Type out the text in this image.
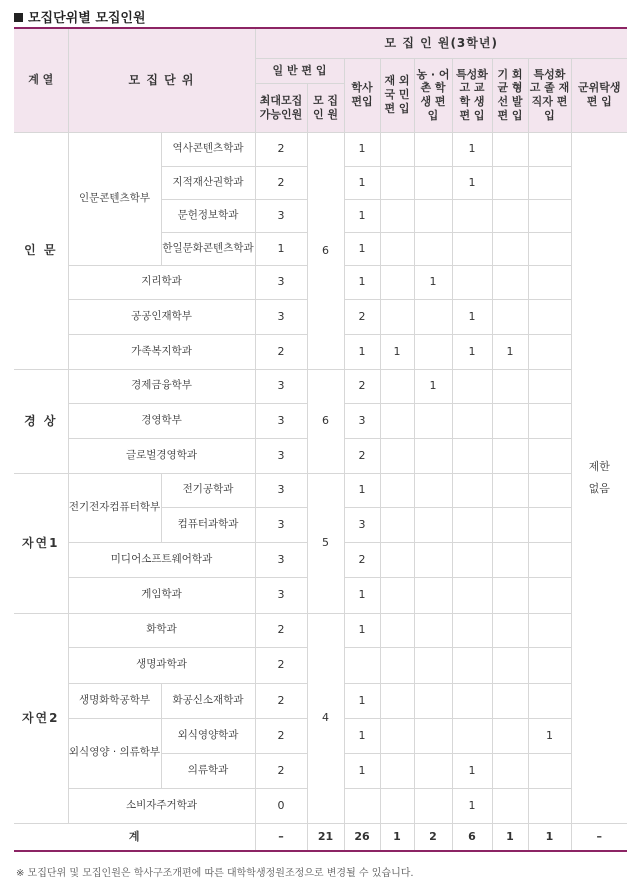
모집단위별 모집인원
계 열	모 집 단 위		모 집 인 원(3학년)								
			일 반 편 입		학사 편입	재 외 국 민 편 입	농 · 어 촌 학 생 편 입	특성화 고 교 학 생 편 입	기 회 균 형 선 발 편 입	특성화 고 졸 재직자 편 입	군위탁생 편 입
			최대모집 가능인원	모 집 인 원							
인 문	인문콘텐츠학부	역사콘텐츠학과	2	6	1			1			제한 없음
		지적재산권학과	2		1			1			
		문헌정보학과	3		1						
		한일문화콘텐츠학과	1		1						
	지리학과		3		1		1				
	공공인재학부		3		2			1			
	가족복지학과		2		1	1		1	1		
경 상	경제금융학부		3	6	2		1				
	경영학부		3		3						
	글로벌경영학과		3		2						
자연1	전기전자컴퓨터학부	전기공학과	3	5	1						
		컴퓨터과학과	3		3						
	미디어소프트웨어학과		3		2						
	게임학과		3		1						
자연2	화학과		2	4	1						
	생명과학과		2								
	생명화학공학부	화공신소재학과	2		1						
	외식영양 · 의류학부	외식영양학과	2		1					1	
		의류학과	2		1			1			
	소비자주거학과		0					1			
계			–	21	26	1	2	6	1	1	–
※ 모집단위 및 모집인원은 학사구조개편에 따른 대학학생정원조정으로 변경될 수 있습니다.
